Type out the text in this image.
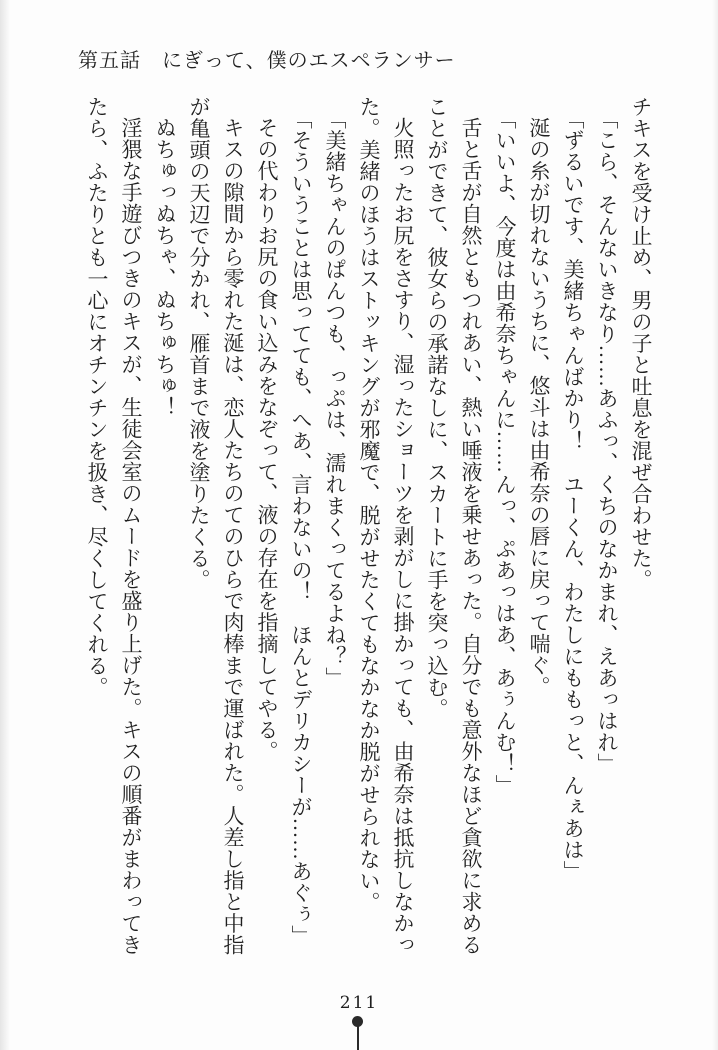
第五話　にぎって、僕のエスペランサー
チキスを受け止め、男の子と吐息を混ぜ合わせた。
「こら、そんないきなり……あふっ、くちのなかまれ、えあっはれ」
「ずるいです、美緒ちゃんばかり！　ユーくん、わたしにももっと、んぇあは」
涎の糸が切れないうちに、悠斗は由希奈の唇に戻って喘ぐ。
「いいよ、今度は由希奈ちゃんに……んっ、ぷあっはあ、あぅんむ！」
舌と舌が自然ともつれあい、熱い唾液を乗せあった。自分でも意外なほど貪欲に求める
ことができて、彼女らの承諾なしに、スカートに手を突っ込む。
火照ったお尻をさすり、湿ったショーツを剥がしに掛かっても、由希奈は抵抗しなかっ
た。美緒のほうはストッキングが邪魔で、脱がせたくてもなかなか脱がせられない。
「美緒ちゃんのぱんつも、っぷは、濡れまくってるよね？」
「そういうことは思ってても、へあ、言わないの！　ほんとデリカシーが……あぐぅ」
その代わりお尻の食い込みをなぞって、液の存在を指摘してやる。
キスの隙間から零れた涎は、恋人たちのてのひらで肉棒まで運ばれた。人差し指と中指
が亀頭の天辺で分かれ、雁首まで液を塗りたくる。
ぬちゅっぬちゃ、ぬちゅちゅ！
淫猥な手遊びつきのキスが、生徒会室のムードを盛り上げた。キスの順番がまわってき
たら、ふたりとも一心にオチンチンを扱き、尽くしてくれる。
211
